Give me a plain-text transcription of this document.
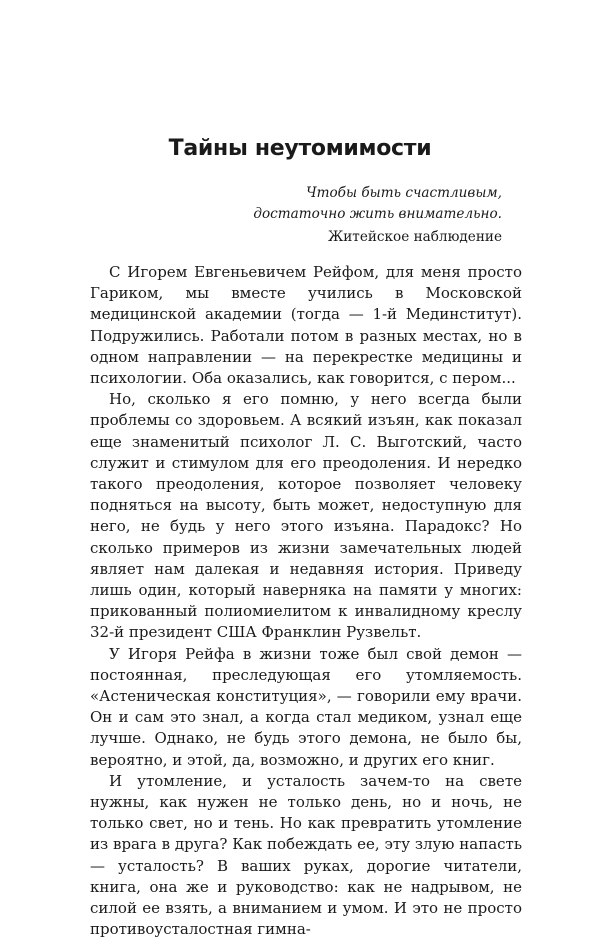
Тайны неутомимости
Чтобы быть счастливым,
достаточно жить внимательно.
Житейское наблюдение

С Игорем Евгеньевичем Рейфом, для меня просто Гариком, мы вместе учились в Московской медицинской академии (тогда — 1-й Мединститут). Подружились. Работали потом в разных местах, но в одном направлении — на перекрестке медицины и психологии. Оба оказались, как говорится, с пером...

Но, сколько я его помню, у него всегда были проблемы со здоровьем. А всякий изъян, как показал еще знаменитый психолог Л. С. Выготский, часто служит и стимулом для его преодоления. И нередко такого преодоления, которое позволяет человеку подняться на высоту, быть может, недоступную для него, не будь у него этого изъяна. Парадокс? Но сколько примеров из жизни замечательных людей являет нам далекая и недавняя история. Приведу лишь один, который наверняка на памяти у многих: прикованный полиомиелитом к инвалидному креслу 32-й президент США Франклин Рузвельт.

У Игоря Рейфа в жизни тоже был свой демон — постоянная, преследующая его утомляемость. «Астеническая конституция», — говорили ему врачи. Он и сам это знал, а когда стал медиком, узнал еще лучше. Однако, не будь этого демона, не было бы, вероятно, и этой, да, возможно, и других его книг.

И утомление, и усталость зачем-то на свете нужны, как нужен не только день, но и ночь, не только свет, но и тень. Но как превратить утомление из врага в друга? Как побеждать ее, эту злую напасть — усталость? В ваших руках, дорогие читатели, книга, она же и руководство: как не надрывом, не силой ее взять, а вниманием и умом. И это не просто противоусталостная гимна-
